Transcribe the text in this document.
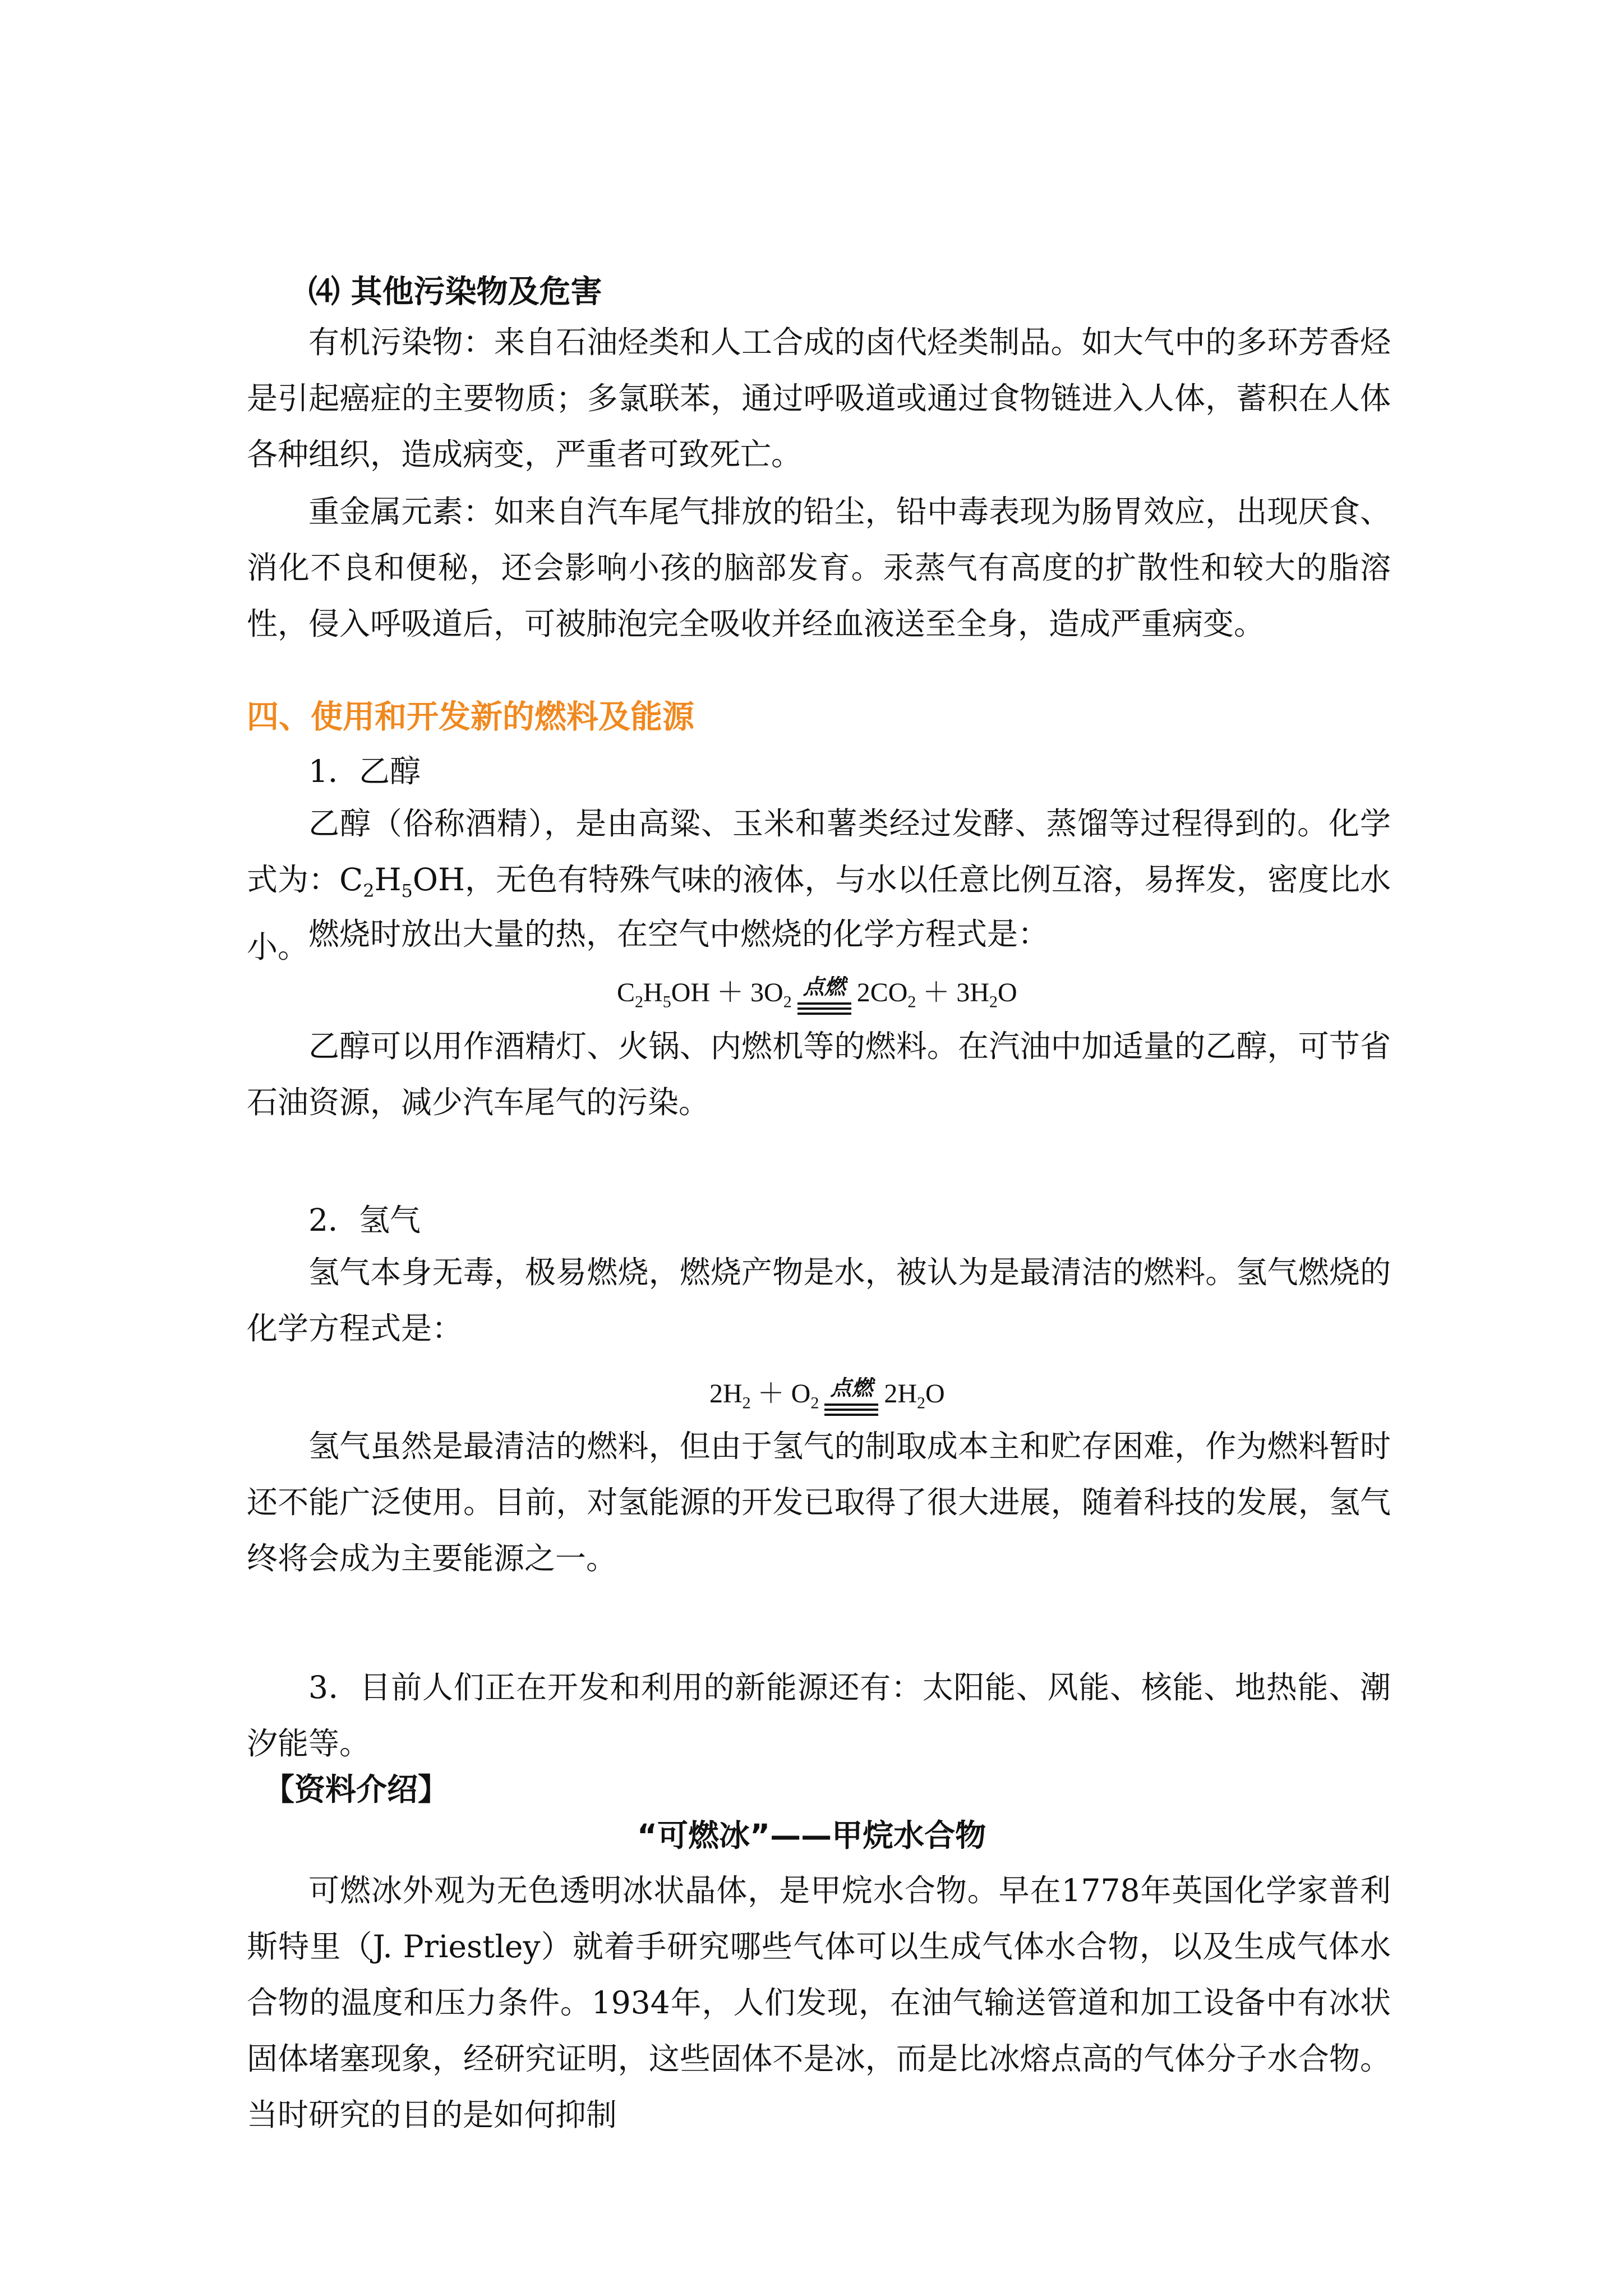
⑷ 其他污染物及危害

有机污染物：来自石油烃类和人工合成的卤代烃类制品。如大气中的多环芳香烃是引起癌症的主要物质；多氯联苯，通过呼吸道或通过食物链进入人体，蓄积在人体各种组织，造成病变，严重者可致死亡。

重金属元素：如来自汽车尾气排放的铅尘，铅中毒表现为肠胃效应，出现厌食、消化不良和便秘，还会影响小孩的脑部发育。汞蒸气有高度的扩散性和较大的脂溶性，侵入呼吸道后，可被肺泡完全吸收并经血液送至全身，造成严重病变。

四、使用和开发新的燃料及能源

1．乙醇

乙醇（俗称酒精），是由高粱、玉米和薯类经过发酵、蒸馏等过程得到的。化学式为：$C_2H_5OH$，无色有特殊气味的液体，与水以任意比例互溶，易挥发，密度比水小。 燃烧时放出大量的热，在空气中燃烧的化学方程式是：

$C_2H_5OH + 3O_2$
点燃 $2CO_2 + 3H_2O$

乙醇可以用作酒精灯、火锅、内燃机等的燃料。在汽油中加适量的乙醇，可节省石油资源，减少汽车尾气的污染。

2．氢气

氢气本身无毒，极易燃烧，燃烧产物是水，被认为是最清洁的燃料。氢气燃烧的化学方程式是：

$2H_2 + O_2$
点燃 $2H_2O$

氢气虽然是最清洁的燃料，但由于氢气的制取成本主和贮存困难，作为燃料暂时还不能广泛使用。目前，对氢能源的开发已取得了很大进展，随着科技的发展，氢气终将会成为主要能源之一。

3．目前人们正在开发和利用的新能源还有：太阳能、风能、核能、地热能、潮汐能等。

【资料介绍】

“可燃冰”——甲烷水合物

可燃冰外观为无色透明冰状晶体，是甲烷水合物。早在1778年英国化学家普利斯特里（J. Priestley）就着手研究哪些气体可以生成气体水合物，以及生成气体水合物的温度和压力条件。1934年，人们发现，在油气输送管道和加工设备中有冰状固体堵塞现象，经研究证明，这些固体不是冰，而是比冰熔点高的气体分子水合物。当时研究的目的是如何抑制
